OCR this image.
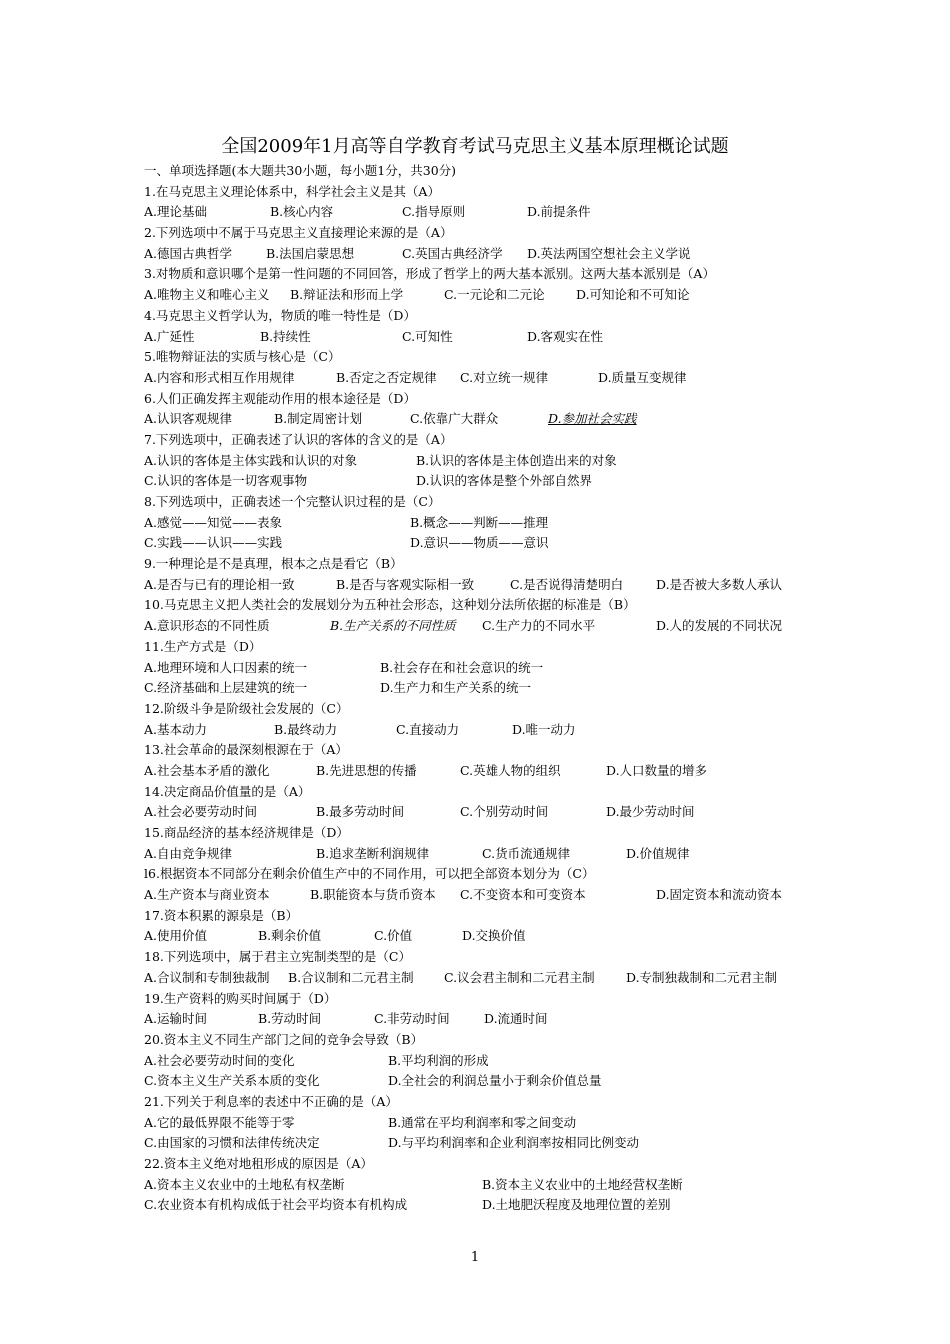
全国2009年1月高等自学教育考试马克思主义基本原理概论试题
一、单项选择题(本大题共30小题，每小题1分，共30分)
1.在马克思主义理论体系中，科学社会主义是其（A）
A.理论基础	B.核心内容	C.指导原则	D.前提条件
2.下列选项中不属于马克思主义直接理论来源的是（A）
A.德国古典哲学	B.法国启蒙思想	C.英国古典经济学 D.英法两国空想社会主义学说
3.对物质和意识哪个是第一性问题的不同回答，形成了哲学上的两大基本派别。这两大基本派别是（A）
A.唯物主义和唯心主义 B.辩证法和形而上学	C.一元论和二元论	D.可知论和不可知论
4.马克思主义哲学认为，物质的唯一特性是（D）
A.广延性	B.持续性	C.可知性	D.客观实在性
5.唯物辩证法的实质与核心是（C）
A.内容和形式相互作用规律	B.否定之否定规律 C.对立统一规律	D.质量互变规律
6.人们正确发挥主观能动作用的根本途径是（D）
A.认识客观规律	B.制定周密计划	C.依靠广大群众	D.参加社会实践
7.下列选项中，正确表述了认识的客体的含义的是（A）
A.认识的客体是主体实践和认识的对象	B.认识的客体是主体创造出来的对象
C.认识的客体是一切客观事物	D.认识的客体是整个外部自然界
8.下列选项中，正确表述一个完整认识过程的是（C）
A.感觉——知觉——表象	B.概念——判断——推理
C.实践——认识——实践	D.意识——物质——意识
9.一种理论是不是真理，根本之点是看它（B）
A.是否与已有的理论相一致	B.是否与客观实际相一致	C.是否说得清楚明白	D.是否被大多数人承认
10.马克思主义把人类社会的发展划分为五种社会形态，这种划分法所依据的标准是（B）
A.意识形态的不同性质	B.生产关系的不同性质 C.生产力的不同水平	D.人的发展的不同状况
11.生产方式是（D）
A.地理环境和人口因素的统一	B.社会存在和社会意识的统一
C.经济基础和上层建筑的统一	D.生产力和生产关系的统一
12.阶级斗争是阶级社会发展的（C）
A.基本动力	B.最终动力	C.直接动力	D.唯一动力
13.社会革命的最深刻根源在于（A）
A.社会基本矛盾的激化	B.先进思想的传播	C.英雄人物的组织	D.人口数量的增多
14.决定商品价值量的是（A）
A.社会必要劳动时间	B.最多劳动时间	C.个别劳动时间	D.最少劳动时间
15.商品经济的基本经济规律是（D）
A.自由竞争规律	B.追求垄断利润规律	C.货币流通规律	D.价值规律
l6.根据资本不同部分在剩余价值生产中的不同作用，可以把全部资本划分为（C）
A.生产资本与商业资本	B.职能资本与货币资本 C.不变资本和可变资本	D.固定资本和流动资本
17.资本积累的源泉是（B）
A.使用价值	B.剩余价值	C.价值	D.交换价值
18.下列选项中，属于君主立宪制类型的是（C）
A.合议制和专制独裁制 B.合议制和二元君主制 C.议会君主制和二元君主制	D.专制独裁制和二元君主制
19.生产资料的购买时间属于（D）
A.运输时间	B.劳动时间	C.非劳动时间	D.流通时间
20.资本主义不同生产部门之间的竞争会导致（B）
A.社会必要劳动时间的变化	B.平均利润的形成
C.资本主义生产关系本质的变化	D.全社会的利润总量小于剩余价值总量
21.下列关于利息率的表述中不正确的是（A）
A.它的最低界限不能等于零	B.通常在平均利润率和零之间变动
C.由国家的习惯和法律传统决定	D.与平均利润率和企业利润率按相同比例变动
22.资本主义绝对地租形成的原因是（A）
A.资本主义农业中的土地私有权垄断	B.资本主义农业中的土地经营权垄断
C.农业资本有机构成低于社会平均资本有机构成	D.土地肥沃程度及地理位置的差别
1
